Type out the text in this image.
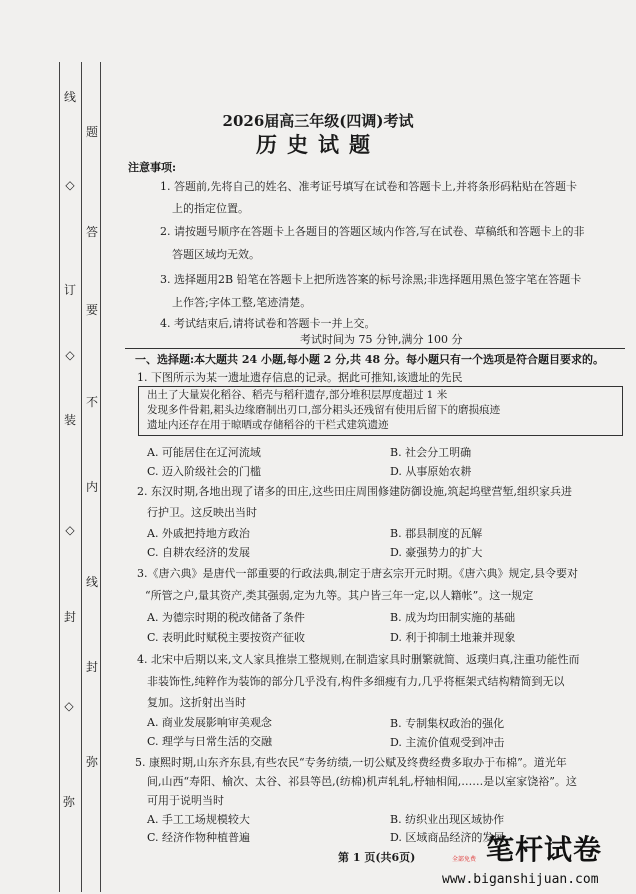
线
◇
订
◇
装
◇
封
◇
弥
题
答
要
不
内
线
封
弥
2026届高三年级(四调)考试
历史试题
注意事项:
1. 答题前,先将自己的姓名、准考证号填写在试卷和答题卡上,并将条形码粘贴在答题卡
上的指定位置。
2. 请按题号顺序在答题卡上各题目的答题区域内作答,写在试卷、草稿纸和答题卡上的非
答题区域均无效。
3. 选择题用2B 铅笔在答题卡上把所选答案的标号涂黑;非选择题用黑色签字笔在答题卡
上作答;字体工整,笔迹清楚。
4. 考试结束后,请将试卷和答题卡一并上交。
考试时间为 75 分钟,满分 100 分
一、选择题:本大题共 24 小题,每小题 2 分,共 48 分。每小题只有一个选项是符合题目要求的。
1. 下图所示为某一遗址遗存信息的记录。据此可推知,该遗址的先民
出土了大量炭化稻谷、稻壳与稻秆遗存,部分堆积层厚度超过 1 米
发现多件骨耜,耜头边缘磨制出刃口,部分耜头还残留有使用后留下的磨损痕迹
遗址内还存在用于晾晒或存储稻谷的干栏式建筑遗迹
A. 可能居住在辽河流域	B. 社会分工明确
C. 迈入阶级社会的门槛	D. 从事原始农耕
2. 东汉时期,各地出现了诸多的田庄,这些田庄周围修建防御设施,筑起坞壁营堑,组织家兵进
行护卫。这反映出当时
A. 外戚把持地方政治	B. 郡县制度的瓦解
C. 自耕农经济的发展	D. 豪强势力的扩大
3.《唐六典》是唐代一部重要的行政法典,制定于唐玄宗开元时期。《唐六典》规定,县令要对
“所管之户,量其资产,类其强弱,定为九等。其户皆三年一定,以人籍帐”。这一规定
A. 为德宗时期的税改储备了条件	B. 成为均田制实施的基础
C. 表明此时赋税主要按资产征收	D. 利于抑制土地兼并现象
4. 北宋中后期以来,文人家具推崇工整规则,在制造家具时删繁就简、返璞归真,注重功能性而
非装饰性,纯粹作为装饰的部分几乎没有,构件多细瘦有力,几乎将框架式结构精简到无以
复加。这折射出当时
A. 商业发展影响审美观念	B. 专制集权政治的强化
C. 理学与日常生活的交融	D. 主流价值观受到冲击
5. 康熙时期,山东齐东县,有些农民“专务纺绩,一切公赋及终费经费多取办于布棉”。道光年
间,山西“寿阳、榆次、太谷、祁县等邑,(纺棉)机声轧轧,杼轴相闻,……是以室家饶裕”。这
可用于说明当时
A. 手工工场规模较大	B. 纺织业出现区域协作
C. 经济作物种植普遍	D. 区域商品经济的发展
第 1 页(共6页)	笔杆试卷
全部免费
www.biganshijuan.com
